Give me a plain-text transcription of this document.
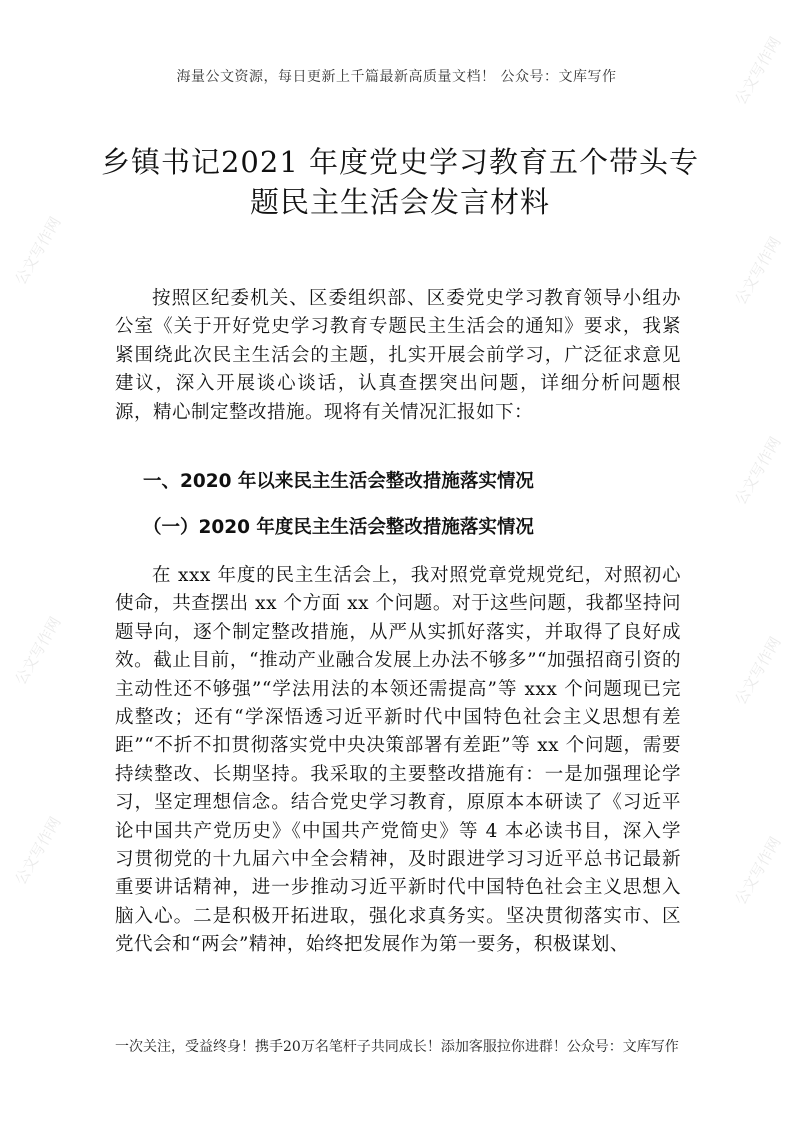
公文写作网
公文写作网
公文写作网
公文写作网
公文写作网
公文写作网
公文写作网
公文写作网
海量公文资源，每日更新上千篇最新高质量文档！ 公众号：文库写作
乡镇书记2021 年度党史学习教育五个带头专题民主生活会发言材料
按照区纪委机关、区委组织部、区委党史学习教育领导小组办公室《关于开好党史学习教育专题民主生活会的通知》要求，我紧紧围绕此次民主生活会的主题，扎实开展会前学习，广泛征求意见建议，深入开展谈心谈话，认真查摆突出问题，详细分析问题根源，精心制定整改措施。现将有关情况汇报如下：
一、2020 年以来民主生活会整改措施落实情况
（一）2020 年度民主生活会整改措施落实情况
在 xxx 年度的民主生活会上，我对照党章党规党纪，对照初心使命，共查摆出 xx 个方面 xx 个问题。对于这些问题，我都坚持问题导向，逐个制定整改措施，从严从实抓好落实，并取得了良好成效。截止目前，“推动产业融合发展上办法不够多”“加强招商引资的主动性还不够强”“学法用法的本领还需提高”等 xxx 个问题现已完成整改；还有“学深悟透习近平新时代中国特色社会主义思想有差距”“不折不扣贯彻落实党中央决策部署有差距”等 xx 个问题，需要持续整改、长期坚持。我采取的主要整改措施有：一是加强理论学习，坚定理想信念。结合党史学习教育，原原本本研读了《习近平论中国共产党历史》《中国共产党简史》等 4 本必读书目，深入学习贯彻党的十九届六中全会精神，及时跟进学习习近平总书记最新重要讲话精神，进一步推动习近平新时代中国特色社会主义思想入脑入心。二是积极开拓进取，强化求真务实。坚决贯彻落实市、区党代会和“两会”精神，始终把发展作为第一要务，积极谋划、
一次关注，受益终身！携手20万名笔杆子共同成长！添加客服拉你进群！公众号：文库写作
